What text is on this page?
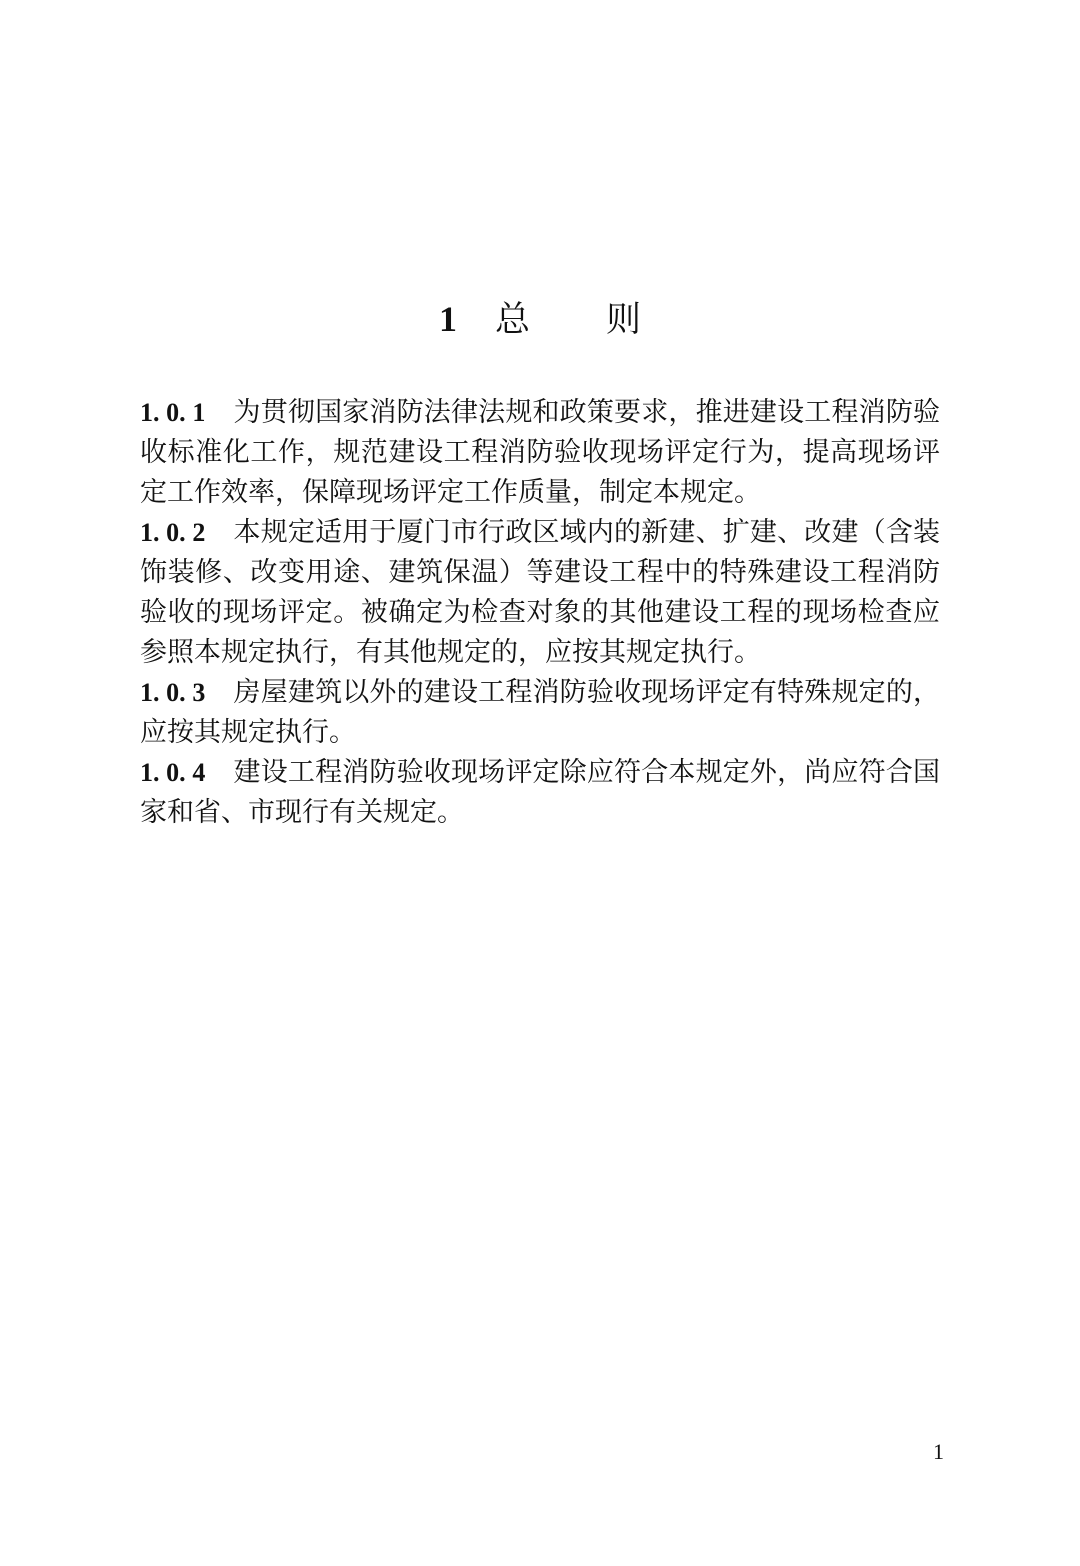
1 总 则

1. 0. 1 为贯彻国家消防法律法规和政策要求，推进建设工程消防验收标准化工作，规范建设工程消防验收现场评定行为，提高现场评定工作效率，保障现场评定工作质量，制定本规定。

1. 0. 2 本规定适用于厦门市行政区域内的新建、扩建、改建（含装饰装修、改变用途、建筑保温）等建设工程中的特殊建设工程消防验收的现场评定。被确定为检查对象的其他建设工程的现场检查应参照本规定执行，有其他规定的，应按其规定执行。

1. 0. 3 房屋建筑以外的建设工程消防验收现场评定有特殊规定的，应按其规定执行。

1. 0. 4 建设工程消防验收现场评定除应符合本规定外，尚应符合国家和省、市现行有关规定。

1
